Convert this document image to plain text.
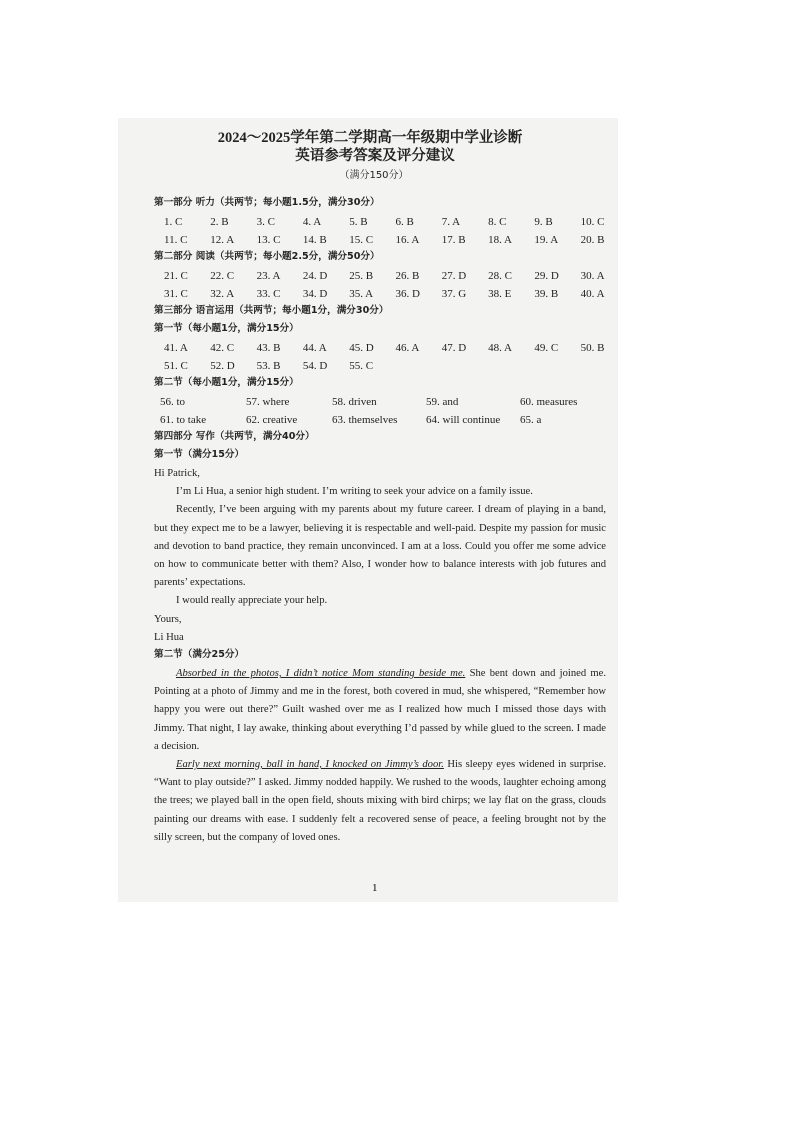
2024～2025学年第二学期高一年级期中学业诊断
英语参考答案及评分建议
（满分150分）
第一部分 听力（共两节；每小题1.5分，满分30分）
1. C	2. B	3. C	4. A	5. B	6. B	7. A	8. C	9. B	10. C
11. C	12. A	13. C	14. B	15. C	16. A	17. B	18. A	19. A	20. B
第二部分 阅读（共两节；每小题2.5分，满分50分）
21. C	22. C	23. A	24. D	25. B	26. B	27. D	28. C	29. D	30. A
31. C	32. A	33. C	34. D	35. A	36. D	37. G	38. E	39. B	40. A
第三部分 语言运用（共两节；每小题1分，满分30分）
第一节（每小题1分，满分15分）
41. A	42. C	43. B	44. A	45. D	46. A	47. D	48. A	49. C	50. B
51. C	52. D	53. B	54. D	55. C
第二节（每小题1分，满分15分）
56. to	57. where	58. driven	59. and	60. measures
61. to take	62. creative	63. themselves	64. will continue	65. a
第四部分 写作（共两节，满分40分）
第一节（满分15分）

Hi Patrick,

I’m Li Hua, a senior high student. I’m writing to seek your advice on a family issue.

Recently, I’ve been arguing with my parents about my future career. I dream of playing in a band, but they expect me to be a lawyer, believing it is respectable and well-paid. Despite my passion for music and devotion to band practice, they remain unconvinced. I am at a loss. Could you offer me some advice on how to communicate better with them? Also, I wonder how to balance interests with job futures and parents’ expectations.

I would really appreciate your help.

Yours,

Li Hua

第二节（满分25分）

Absorbed in the photos, I didn’t notice Mom standing beside me. She bent down and joined me. Pointing at a photo of Jimmy and me in the forest, both covered in mud, she whispered, “Remember how happy you were out there?” Guilt washed over me as I realized how much I missed those days with Jimmy. That night, I lay awake, thinking about everything I’d passed by while glued to the screen. I made a decision.

Early next morning, ball in hand, I knocked on Jimmy’s door. His sleepy eyes widened in surprise. “Want to play outside?” I asked. Jimmy nodded happily. We rushed to the woods, laughter echoing among the trees; we played ball in the open field, shouts mixing with bird chirps; we lay flat on the grass, clouds painting our dreams with ease. I suddenly felt a recovered sense of peace, a feeling brought not by the silly screen, but the company of loved ones.

1
